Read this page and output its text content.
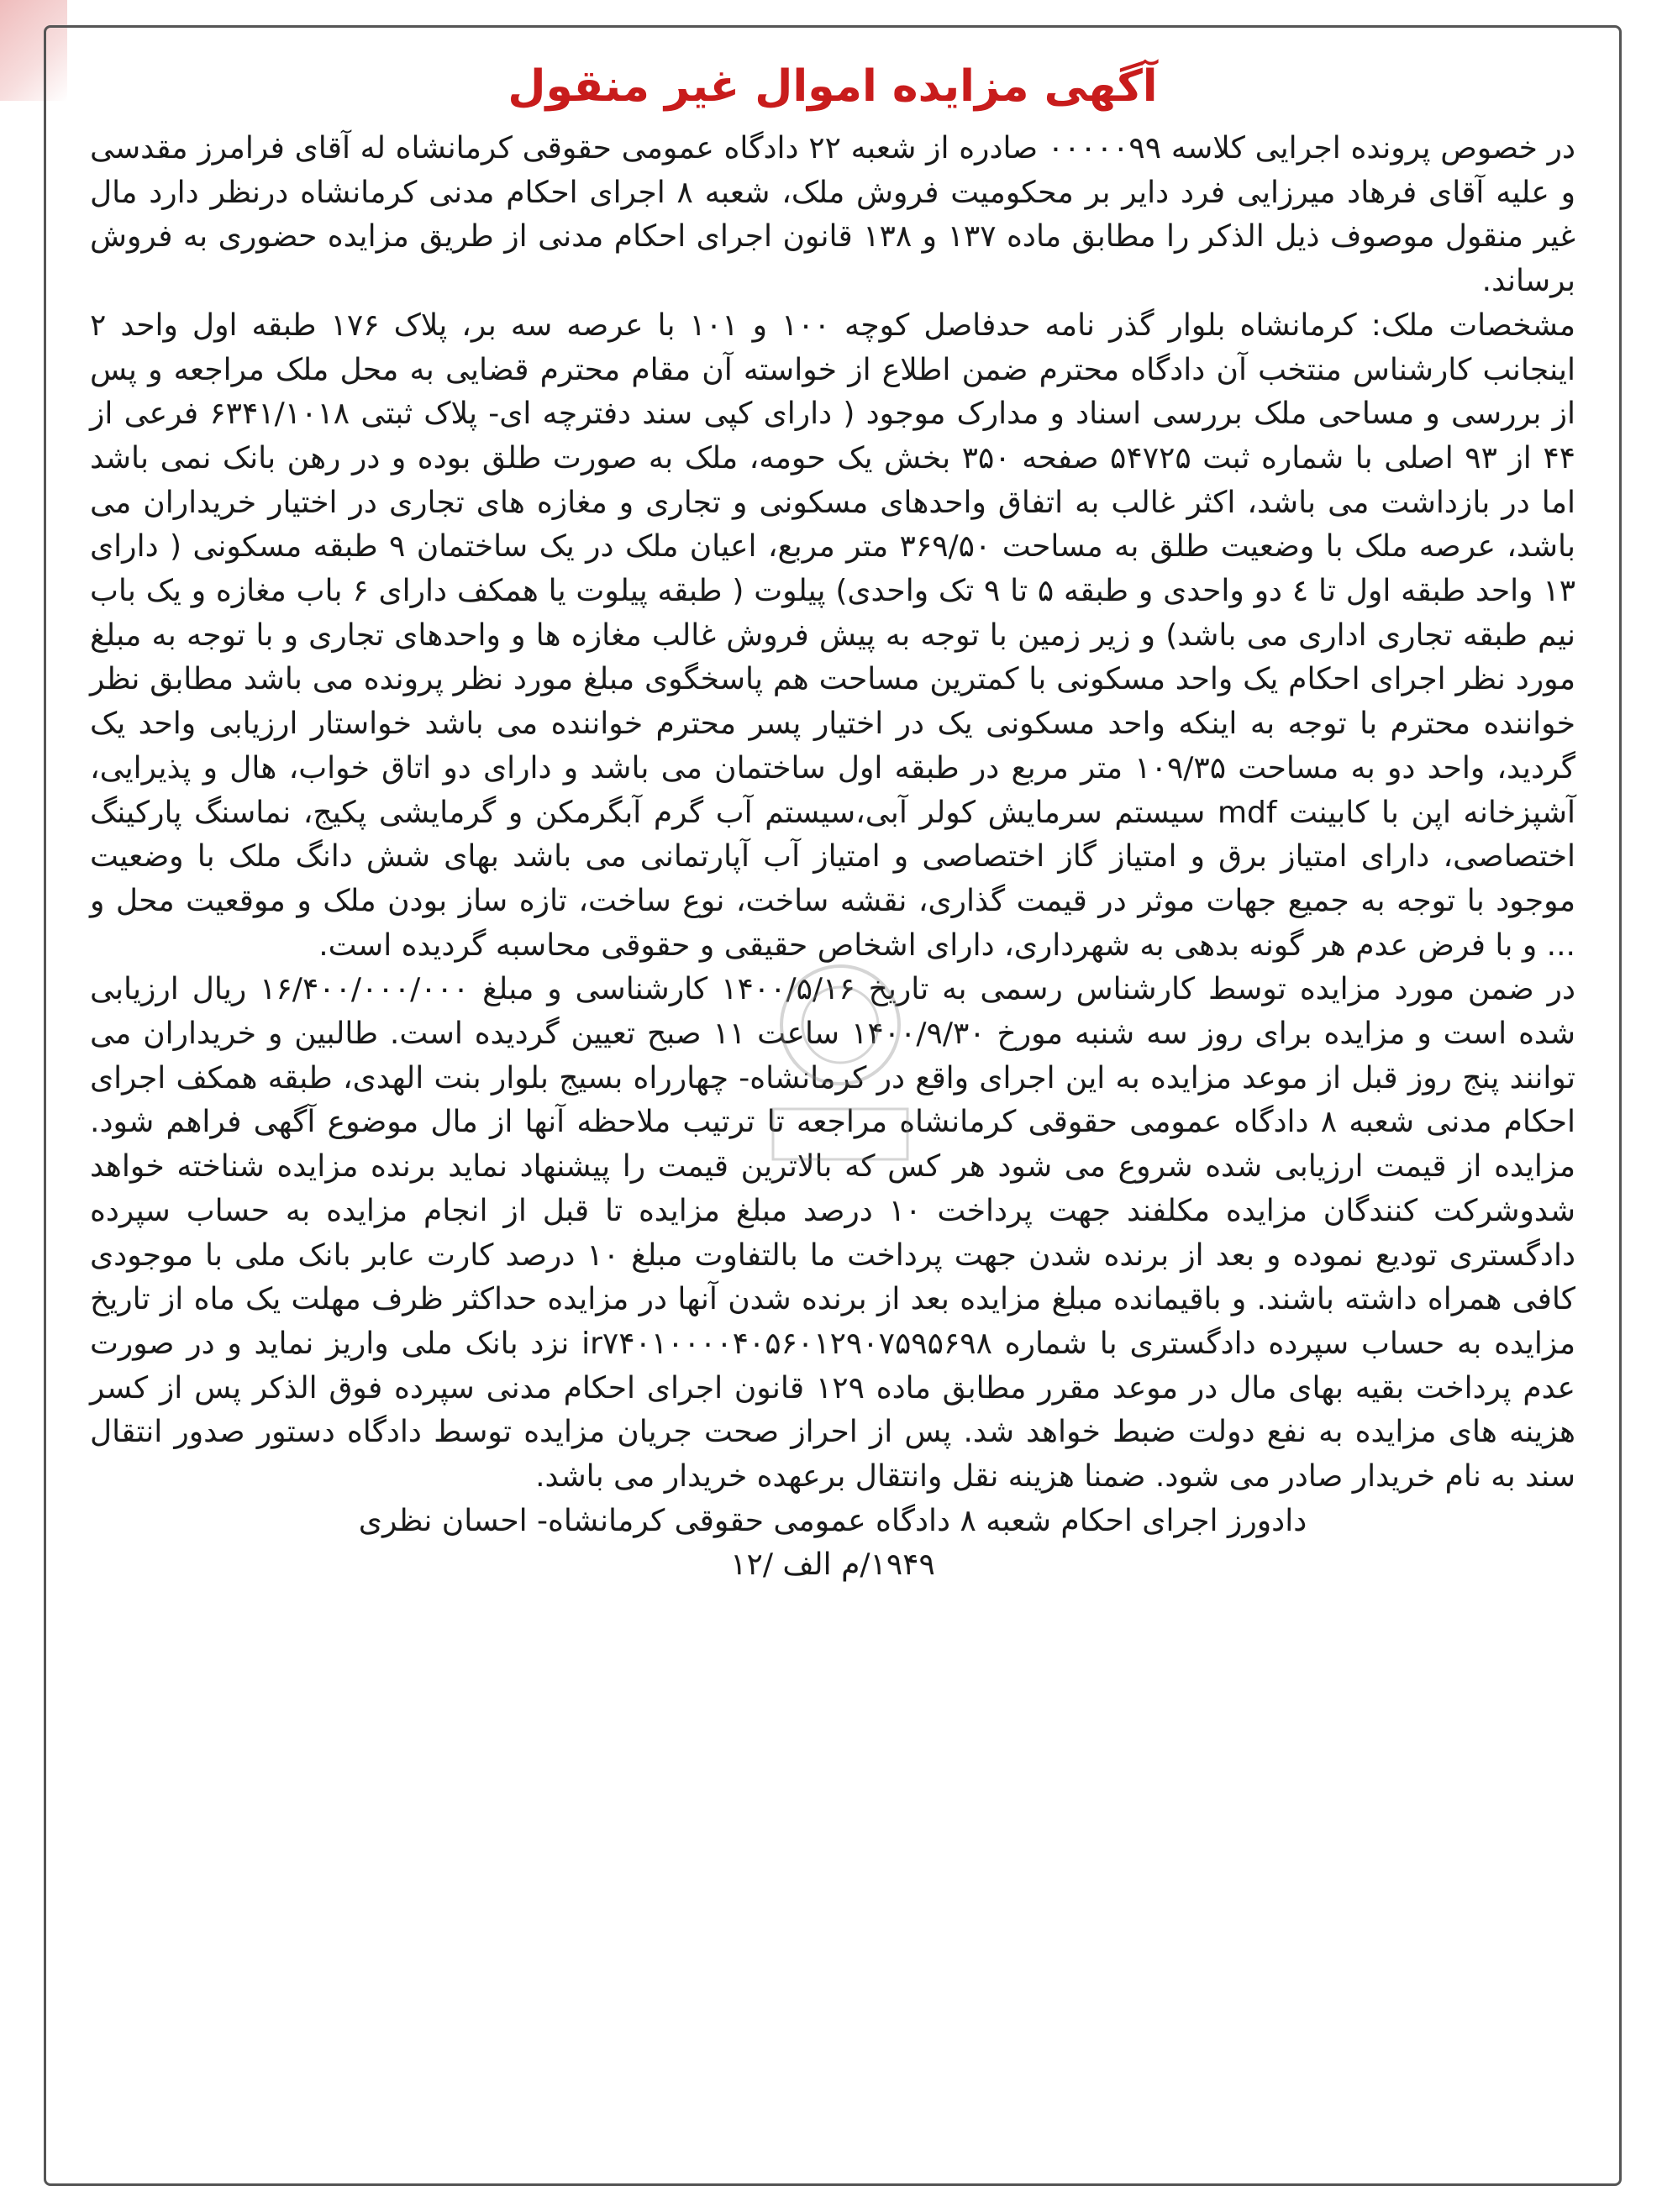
آگهی مزایده اموال غیر منقول

در خصوص پرونده اجرایی کلاسه ۰۰۰۰۰۹۹ صادره از شعبه ۲۲ دادگاه عمومی حقوقی کرمانشاه له آقای فرامرز مقدسی و علیه آقای فرهاد میرزایی فرد دایر بر محکومیت فروش ملک، شعبه ۸ اجرای احکام مدنی کرمانشاه درنظر دارد مال غیر منقول موصوف ذیل الذکر را مطابق ماده ۱۳۷ و ۱۳۸ قانون اجرای احکام مدنی از طریق مزایده حضوری به فروش برساند.

مشخصات ملک: کرمانشاه بلوار گذر نامه حدفاصل کوچه ۱۰۰ و ۱۰۱ با عرصه سه بر، پلاک ۱۷۶ طبقه اول واحد ۲ اینجانب کارشناس منتخب آن دادگاه محترم ضمن اطلاع از خواسته آن مقام محترم قضایی به محل ملک مراجعه و پس از بررسی و مساحی ملک بررسی اسناد و مدارک موجود ( دارای کپی سند دفترچه ای- پلاک ثبتی ۶۳۴۱/۱۰۱۸ فرعی از ۴۴ از ۹۳ اصلی با شماره ثبت ۵۴۷۲۵ صفحه ۳۵۰ بخش یک حومه، ملک به صورت طلق بوده و در رهن بانک نمی باشد اما در بازداشت می باشد، اکثر غالب به اتفاق واحدهای مسکونی و تجاری و مغازه های تجاری در اختیار خریداران می باشد، عرصه ملک با وضعیت طلق به مساحت ۳۶۹/۵۰ متر مربع، اعیان ملک در یک ساختمان ۹ طبقه مسکونی ( دارای ۱۳ واحد طبقه اول تا ٤ دو واحدی و طبقه ۵ تا ۹ تک واحدی) پیلوت ( طبقه پیلوت یا همکف دارای ۶ باب مغازه و یک باب نیم طبقه تجاری اداری می باشد) و زیر زمین با توجه به پیش فروش غالب مغازه ها و واحدهای تجاری و با توجه به مبلغ مورد نظر اجرای احکام یک واحد مسکونی با کمترین مساحت هم پاسخگوی مبلغ مورد نظر پرونده می باشد مطابق نظر خواننده محترم با توجه به اینکه واحد مسکونی یک در اختیار پسر محترم خواننده می باشد خواستار ارزیابی واحد یک گردید، واحد دو به مساحت ۱۰۹/۳۵ متر مربع در طبقه اول ساختمان می باشد و دارای دو اتاق خواب، هال و پذیرایی، آشپزخانه اپن با کابینت mdf سیستم سرمایش کولر آبی،سیستم آب گرم آبگرمکن و گرمایشی پکیج، نماسنگ پارکینگ اختصاصی، دارای امتیاز برق و امتیاز گاز اختصاصی و امتیاز آب آپارتمانی می باشد بهای شش دانگ ملک با وضعیت موجود با توجه به جمیع جهات موثر در قیمت گذاری، نقشه ساخت، نوع ساخت، تازه ساز بودن ملک و موقعیت محل و ... و با فرض عدم هر گونه بدهی به شهرداری، دارای اشخاص حقیقی و حقوقی محاسبه گردیده است.

در ضمن مورد مزایده توسط کارشناس رسمی به تاریخ ۱۴۰۰/۵/۱۶ کارشناسی و مبلغ ۱۶/۴۰۰/۰۰۰/۰۰۰ ریال ارزیابی شده است و مزایده برای روز سه شنبه مورخ ۱۴۰۰/۹/۳۰ ساعت ۱۱ صبح تعیین گردیده است. طالبین و خریداران می توانند پنج روز قبل از موعد مزایده به این اجرای واقع در کرمانشاه- چهارراه بسیج بلوار بنت الهدی، طبقه همکف اجرای احکام مدنی شعبه ۸ دادگاه عمومی حقوقی کرمانشاه مراجعه تا ترتیب ملاحظه آنها از مال موضوع آگهی فراهم شود. مزایده از قیمت ارزیابی شده شروع می شود هر کس که بالاترین قیمت را پیشنهاد نماید برنده مزایده شناخته خواهد شدوشرکت کنندگان مزایده مکلفند جهت پرداخت ۱۰ درصد مبلغ مزایده تا قبل از انجام مزایده به حساب سپرده دادگستری توديع نموده و بعد از برنده شدن جهت پرداخت ما بالتفاوت مبلغ ۱۰ درصد کارت عابر بانک ملی با موجودی کافی همراه داشته باشند. و باقیمانده مبلغ مزایده بعد از برنده شدن آنها در مزایده حداکثر ظرف مهلت یک ماه از تاریخ مزایده به حساب سپرده دادگستری با شماره ir۷۴۰۱۰۰۰۰۴۰۵۶۰۱۲۹۰۷۵۹۵۶۹۸ نزد بانک ملی واریز نماید و در صورت عدم پرداخت بقیه بهای مال در موعد مقرر مطابق ماده ۱۲۹ قانون اجرای احکام مدنی سپرده فوق الذکر پس از کسر هزینه های مزایده به نفع دولت ضبط خواهد شد. پس از احراز صحت جریان مزایده توسط دادگاه دستور صدور انتقال سند به نام خریدار صادر می شود. ضمنا هزینه نقل وانتقال برعهده خریدار می باشد.

دادورز اجرای احکام شعبه ۸ دادگاه عمومی حقوقی کرمانشاه- احسان نظری

۱۹۴۹/م الف /۱۲
